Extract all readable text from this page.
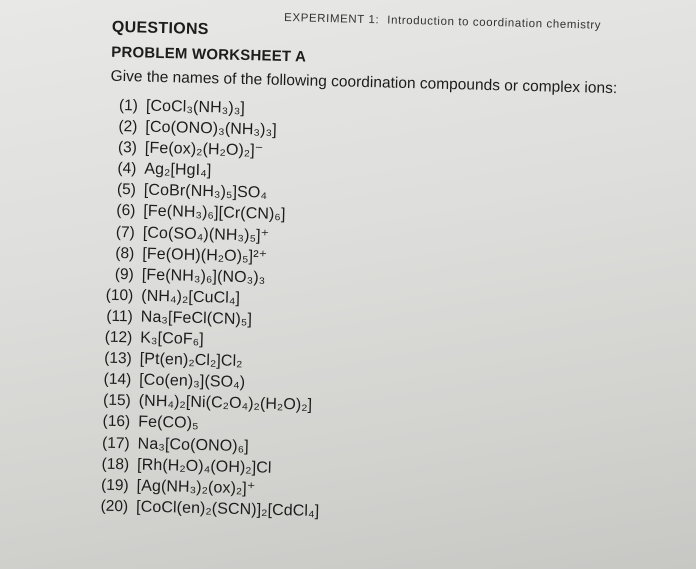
EXPERIMENT 1: Introduction to coordination chemistry
QUESTIONS
PROBLEM WORKSHEET A
Give the names of the following coordination compounds or complex ions:
(1) [CoCl₃(NH₃)₃]
(2) [Co(ONO)₃(NH₃)₃]
(3) [Fe(ox)₂(H₂O)₂]⁻
(4) Ag₂[HgI₄]
(5) [CoBr(NH₃)₅]SO₄
(6) [Fe(NH₃)₆][Cr(CN)₆]
(7) [Co(SO₄)(NH₃)₅]⁺
(8) [Fe(OH)(H₂O)₅]²⁺
(9) [Fe(NH₃)₆](NO₃)₃
(10) (NH₄)₂[CuCl₄]
(11) Na₃[FeCl(CN)₅]
(12) K₃[CoF₆]
(13) [Pt(en)₂Cl₂]Cl₂
(14) [Co(en)₃](SO₄)
(15) (NH₄)₂[Ni(C₂O₄)₂(H₂O)₂]
(16) Fe(CO)₅
(17) Na₃[Co(ONO)₆]
(18) [Rh(H₂O)₄(OH)₂]Cl
(19) [Ag(NH₃)₂(ox)₂]⁺
(20) [CoCl(en)₂(SCN)]₂[CdCl₄]
